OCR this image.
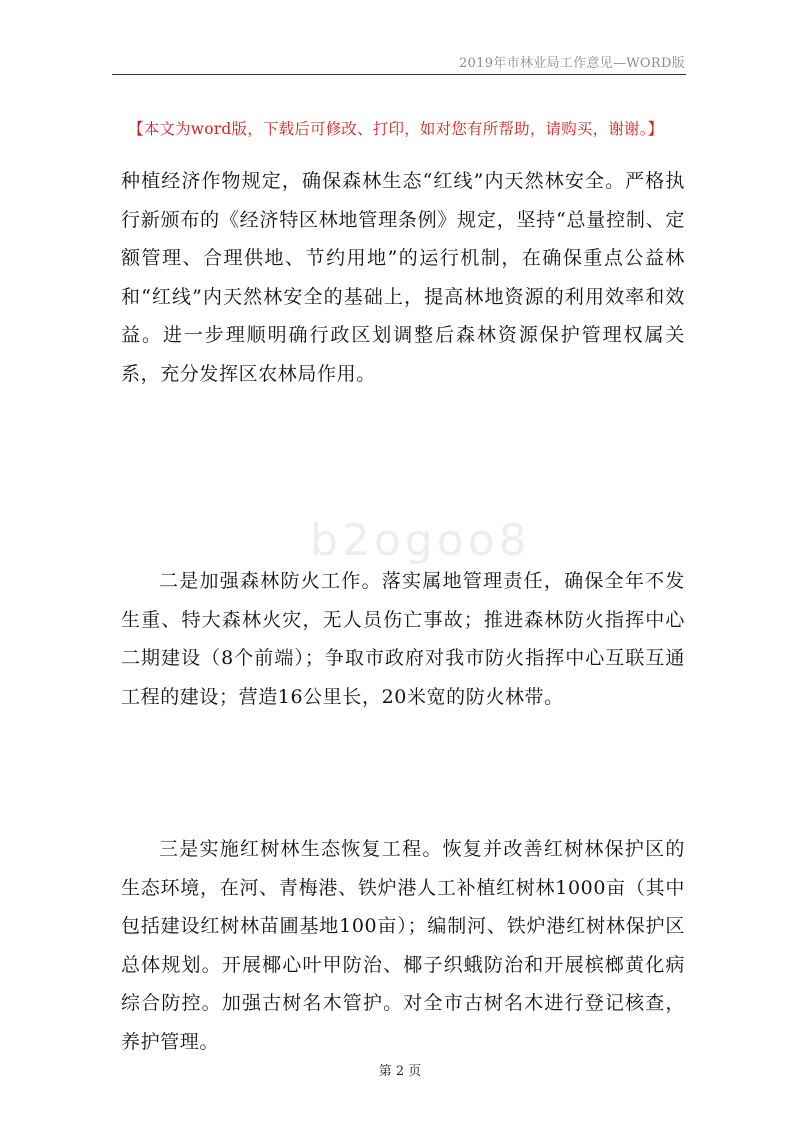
2019年市林业局工作意见—WORD版
【本文为word版，下载后可修改、打印，如对您有所帮助，请购买，谢谢。】
b2ogoo8

种植经济作物规定，确保森林生态“红线”内天然林安全。严格执行新颁布的《经济特区林地管理条例》规定，坚持“总量控制、定额管理、合理供地、节约用地”的运行机制，在确保重点公益林和“红线”内天然林安全的基础上，提高林地资源的利用效率和效益。进一步理顺明确行政区划调整后森林资源保护管理权属关系，充分发挥区农林局作用。

二是加强森林防火工作。落实属地管理责任，确保全年不发生重、特大森林火灾，无人员伤亡事故；推进森林防火指挥中心二期建设（8个前端）；争取市政府对我市防火指挥中心互联互通工程的建设；营造16公里长，20米宽的防火林带。

三是实施红树林生态恢复工程。恢复并改善红树林保护区的生态环境，在河、青梅港、铁炉港人工补植红树林1000亩（其中包括建设红树林苗圃基地100亩）；编制河、铁炉港红树林保护区总体规划。开展椰心叶甲防治、椰子织蛾防治和开展槟榔黄化病综合防控。加强古树名木管护。对全市古树名木进行登记核查，养护管理。

第 2 页
